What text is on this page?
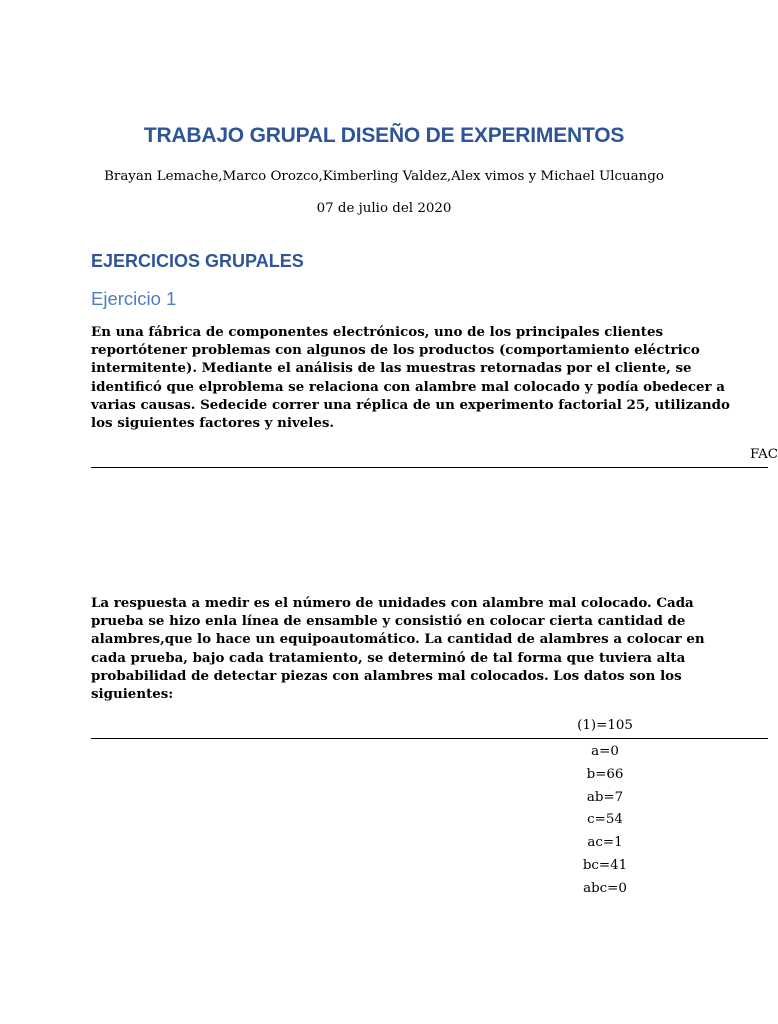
TRABAJO GRUPAL DISEÑO DE EXPERIMENTOS
Brayan Lemache,Marco Orozco,Kimberling Valdez,Alex vimos y Michael Ulcuango
07 de julio del 2020
EJERCICIOS GRUPALES
Ejercicio 1
En una fábrica de componentes electrónicos, uno de los principales clientes
reportótener problemas con algunos de los productos (comportamiento eléctrico
intermitente). Mediante el análisis de las muestras retornadas por el cliente, se
identificó que elproblema se relaciona con alambre mal colocado y podía obedecer a
varias causas. Sedecide correr una réplica de un experimento factorial 25, utilizando
los siguientes factores y niveles.
FAC
La respuesta a medir es el número de unidades con alambre mal colocado. Cada
prueba se hizo enla línea de ensamble y consistió en colocar cierta cantidad de
alambres,que lo hace un equipoautomático. La cantidad de alambres a colocar en
cada prueba, bajo cada tratamiento, se determinó de tal forma que tuviera alta
probabilidad de detectar piezas con alambres mal colocados. Los datos son los
siguientes:
(1)=105
a=0
b=66
ab=7
c=54
ac=1
bc=41
abc=0
